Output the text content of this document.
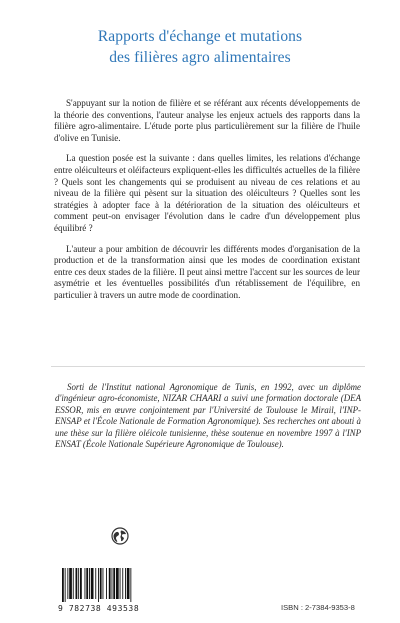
Rapports d'échange et mutations
des filières agro alimentaires

S'appuyant sur la notion de filière et se référant aux récents développements de la théorie des conventions, l'auteur analyse les enjeux actuels des rapports dans la filière agro-alimentaire. L'étude porte plus particulièrement sur la filière de l'huile d'olive en Tunisie.

La question posée est la suivante : dans quelles limites, les relations d'échange entre oléiculteurs et oléifacteurs expliquent-elles les difficultés actuelles de la filière ? Quels sont les changements qui se produisent au niveau de ces relations et au niveau de la filière qui pèsent sur la situation des oléiculteurs ? Quelles sont les stratégies à adopter face à la détérioration de la situation des oléiculteurs et comment peut-on envisager l'évolution dans le cadre d'un développement plus équilibré ?

L'auteur a pour ambition de découvrir les différents modes d'organisation de la production et de la transformation ainsi que les modes de coordination existant entre ces deux stades de la filière. Il peut ainsi mettre l'accent sur les sources de leur asymétrie et les éventuelles possibilités d'un rétablissement de l'équilibre, en particulier à travers un autre mode de coordination.

Sorti de l'Institut national Agronomique de Tunis, en 1992, avec un diplôme d'ingénieur agro-économiste, NIZAR CHAARI a suivi une formation doctorale (DEA ESSOR, mis en œuvre conjointement par l'Université de Toulouse le Mirail, l'INP-ENSAP et l'École Nationale de Formation Agronomique). Ses recherches ont abouti à une thèse sur la filière oléicole tunisienne, thèse soutenue en novembre 1997 à l'INP ENSAT (École Nationale Supérieure Agronomique de Toulouse).

9 782738 493538	ISBN : 2-7384-9353-8
